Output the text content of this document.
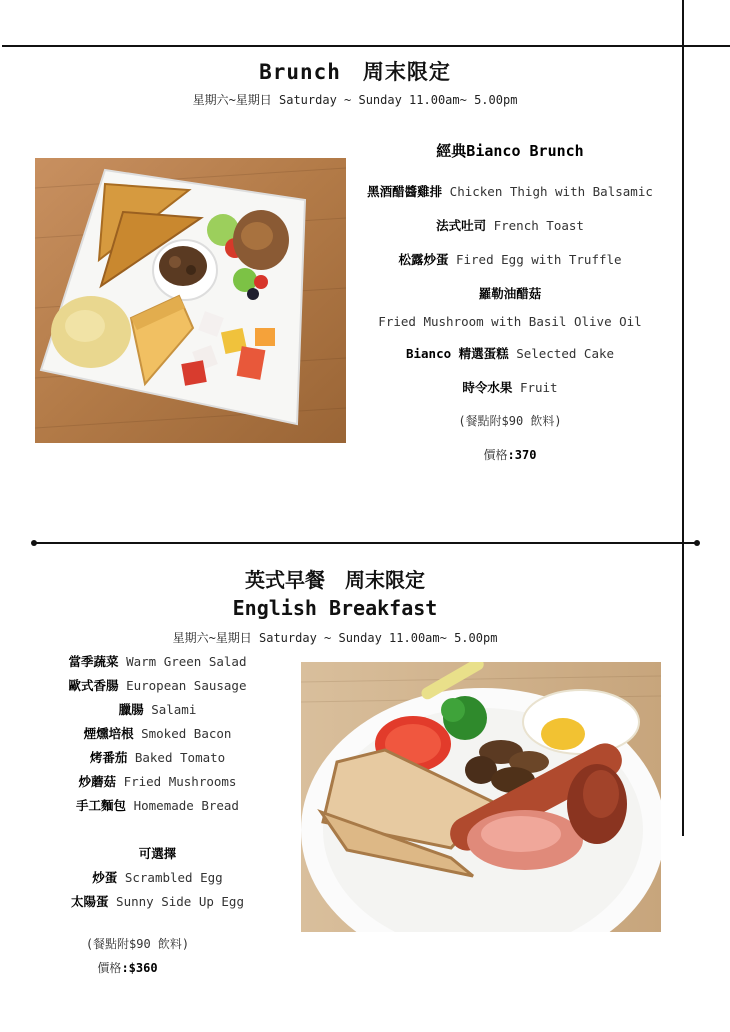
Brunch　周末限定
星期六~星期日 Saturday ~ Sunday 11.00am~ 5.00pm
經典Bianco Brunch
黑酒醋醬雞排 Chicken Thigh with Balsamic
法式吐司 French Toast
松露炒蛋 Fired Egg with Truffle
羅勒油醋菇
Fried Mushroom with Basil Olive Oil
Bianco 精選蛋糕 Selected Cake
時令水果 Fruit
(餐點附$90 飲料)
價格:370
英式早餐　周末限定
English Breakfast
星期六~星期日 Saturday ~ Sunday 11.00am~ 5.00pm
當季蔬菜 Warm Green Salad
歐式香腸 European Sausage
臘腸 Salami
煙燻培根 Smoked Bacon
烤番茄 Baked Tomato
炒蘑菇 Fried Mushrooms
手工麵包 Homemade Bread
可選擇
炒蛋 Scrambled Egg
太陽蛋 Sunny Side Up Egg
(餐點附$90 飲料)
價格:$360
